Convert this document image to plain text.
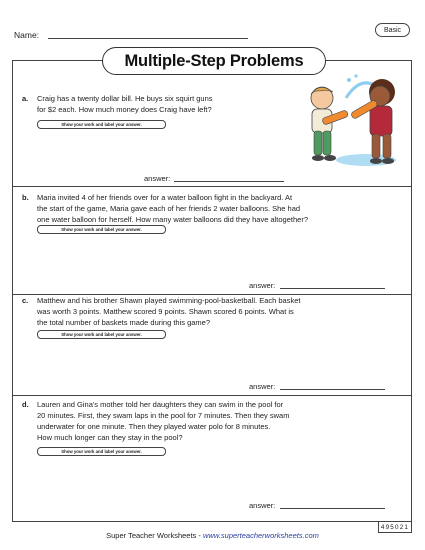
Name:	Basic
Multiple-Step Problems
a. Craig has a twenty dollar bill. He buys six squirt guns
for $2 each. How much money does Craig have left?
Show your work and label your answer.
answer:
b. Maria invited 4 of her friends over for a water balloon fight in the backyard. At
the start of the game, Maria gave each of her friends 2 water balloons. She had
one water balloon for herself. How many water balloons did they have altogether?
Show your work and label your answer.
answer:
c. Matthew and his brother Shawn played swimming-pool-basketball. Each basket
was worth 3 points. Matthew scored 9 points. Shawn scored 6 points. What is
the total number of baskets made during this game?
Show your work and label your answer.
answer:
d. Lauren and Gina's mother told her daughters they can swim in the pool for
20 minutes. First, they swam laps in the pool for 7 minutes. Then they swam
underwater for one minute. Then they played water polo for 8 minutes.
How much longer can they stay in the pool?
Show your work and label your answer.
answer:
495021
Super Teacher Worksheets - www.superteacherworksheets.com
